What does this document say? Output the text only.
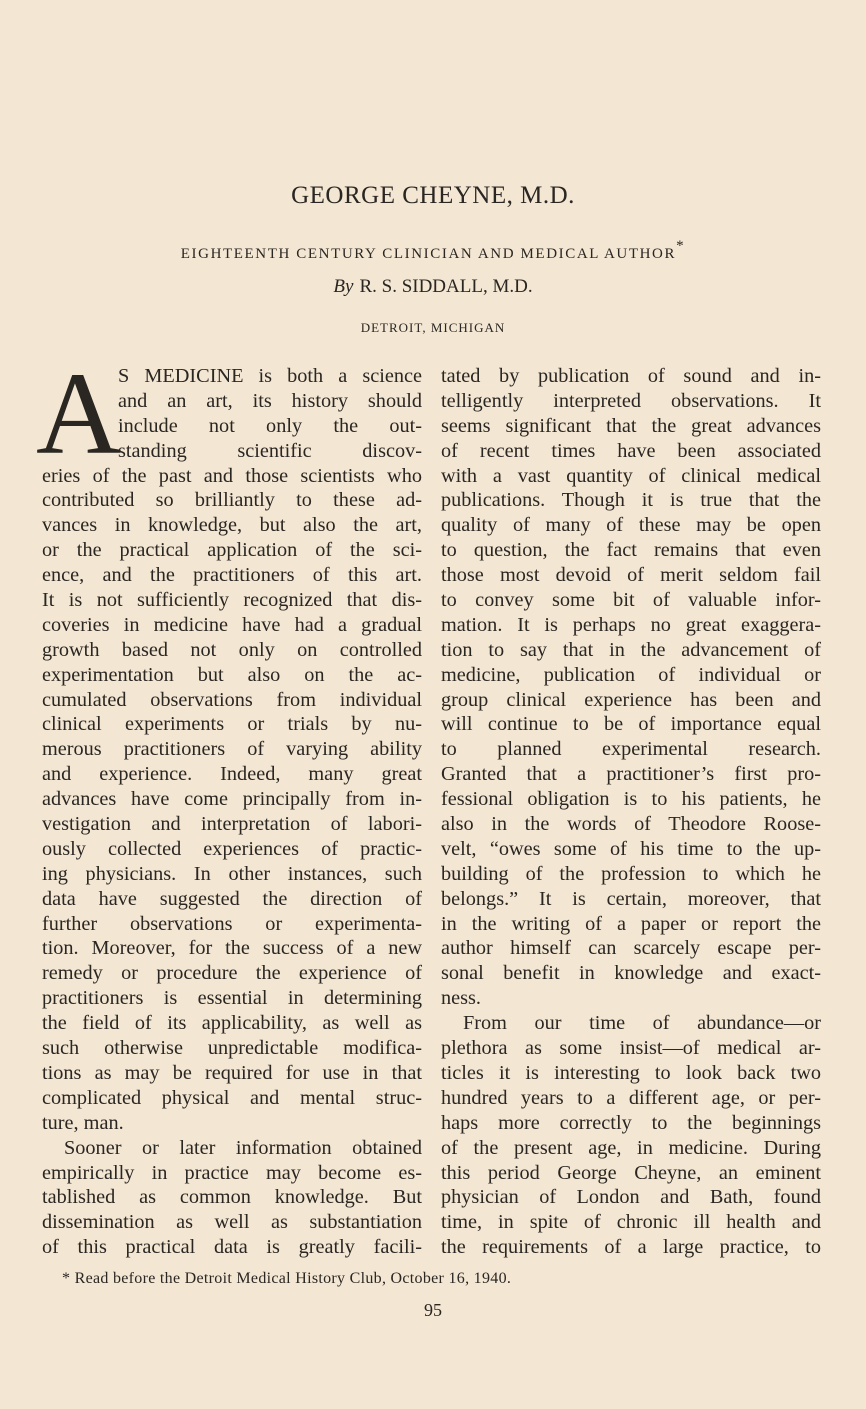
GEORGE CHEYNE, M.D.
EIGHTEENTH CENTURY CLINICIAN AND MEDICAL AUTHOR*
By R. S. SIDDALL, M.D.
DETROIT, MICHIGAN
A
S MEDICINE is both a science
and an art, its history should
include not only the out-
standing scientific discov-
eries of the past and those scientists who
contributed so brilliantly to these ad-
vances in knowledge, but also the art,
or the practical application of the sci-
ence, and the practitioners of this art.
It is not sufficiently recognized that dis-
coveries in medicine have had a gradual
growth based not only on controlled
experimentation but also on the ac-
cumulated observations from individual
clinical experiments or trials by nu-
merous practitioners of varying ability
and experience. Indeed, many great
advances have come principally from in-
vestigation and interpretation of labori-
ously collected experiences of practic-
ing physicians. In other instances, such
data have suggested the direction of
further observations or experimenta-
tion. Moreover, for the success of a new
remedy or procedure the experience of
practitioners is essential in determining
the field of its applicability, as well as
such otherwise unpredictable modifica-
tions as may be required for use in that
complicated physical and mental struc-
ture, man.
Sooner or later information obtained
empirically in practice may become es-
tablished as common knowledge. But
dissemination as well as substantiation
of this practical data is greatly facili-
tated by publication of sound and in-
telligently interpreted observations. It
seems significant that the great advances
of recent times have been associated
with a vast quantity of clinical medical
publications. Though it is true that the
quality of many of these may be open
to question, the fact remains that even
those most devoid of merit seldom fail
to convey some bit of valuable infor-
mation. It is perhaps no great exaggera-
tion to say that in the advancement of
medicine, publication of individual or
group clinical experience has been and
will continue to be of importance equal
to planned experimental research.
Granted that a practitioner’s first pro-
fessional obligation is to his patients, he
also in the words of Theodore Roose-
velt, “owes some of his time to the up-
building of the profession to which he
belongs.” It is certain, moreover, that
in the writing of a paper or report the
author himself can scarcely escape per-
sonal benefit in knowledge and exact-
ness.
From our time of abundance—or
plethora as some insist—of medical ar-
ticles it is interesting to look back two
hundred years to a different age, or per-
haps more correctly to the beginnings
of the present age, in medicine. During
this period George Cheyne, an eminent
physician of London and Bath, found
time, in spite of chronic ill health and
the requirements of a large practice, to
* Read before the Detroit Medical History Club, October 16, 1940.
95
